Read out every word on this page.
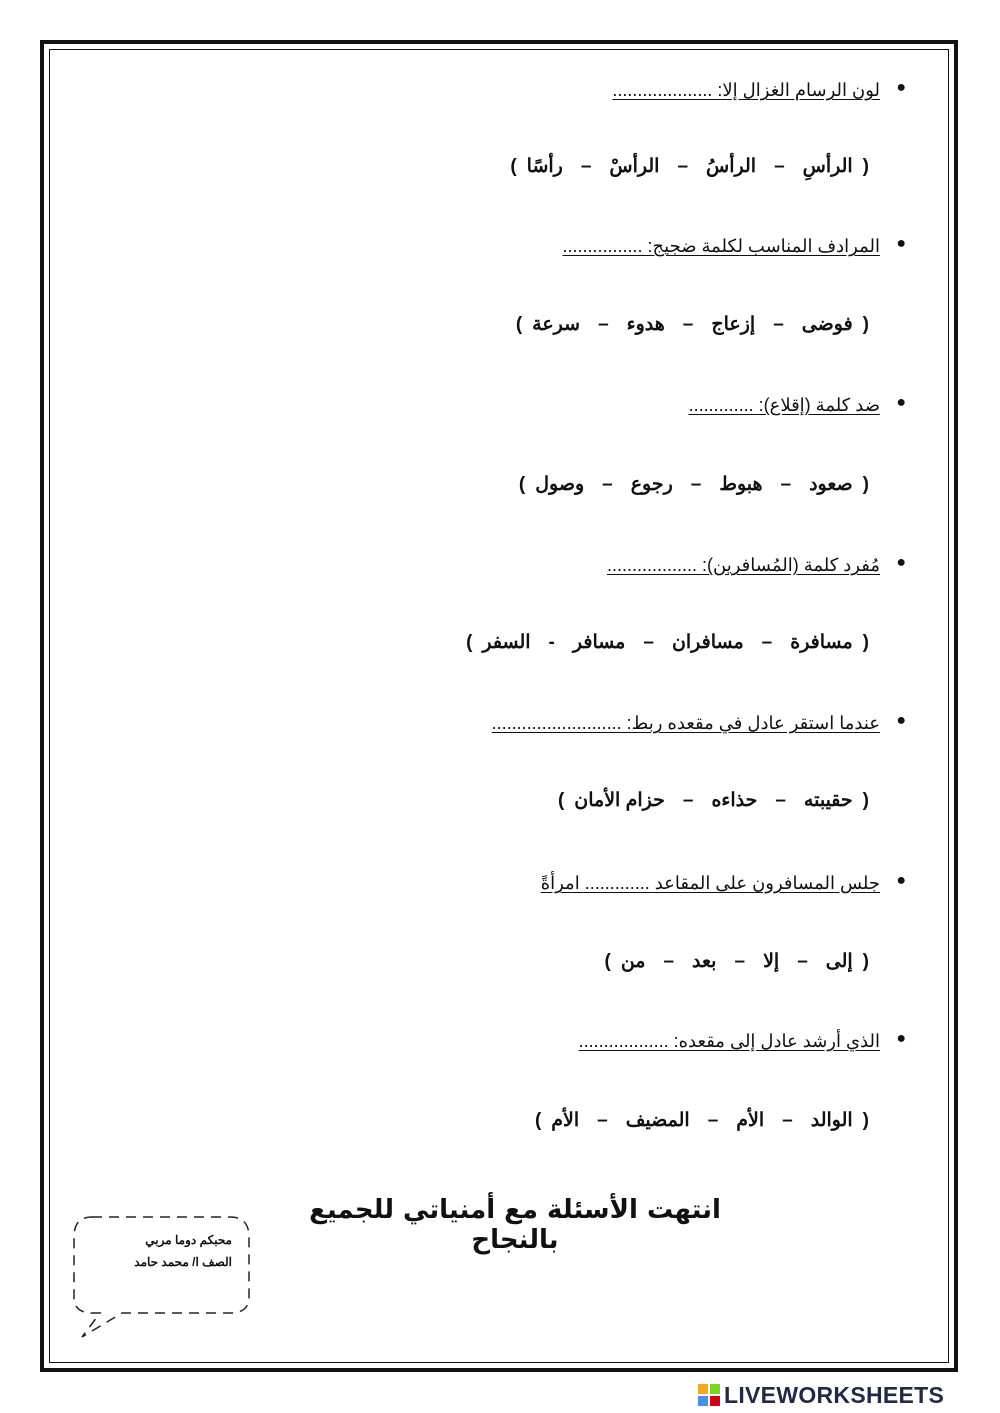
●
لون الرسام الغزال إلا: ....................
(الرأسِ–الرأسُ–الرأسْ–رأسًا)
●
المرادف المناسب لكلمة ضجيج: ................
(فوضى–إزعاج–هدوء–سرعة)
●
ضد كلمة (إقلاع): .............
(صعود–هبوط–رجوع–وصول)
●
مُفرد كلمة (المُسافرين): ..................
(مسافرة–مسافران–مسافر-السفر)
●
عندما استقر عادل في مقعده ربط: ..........................
(حقيبته–حذاءه–حزام الأمان)
●
جلس المسافرون على المقاعد ............. امرأةً
(إلى–إلا–بعد–من)
●
الذي أرشد عادل إلى مقعده: ..................
(الوالد–الأم–المضيف–الأم)
انتهت الأسئلة مع أمنياتي للجميع بالنجاح
محبكم دوما مربي
الصف ا/ محمد حامد
LIVEWORKSHEETS
